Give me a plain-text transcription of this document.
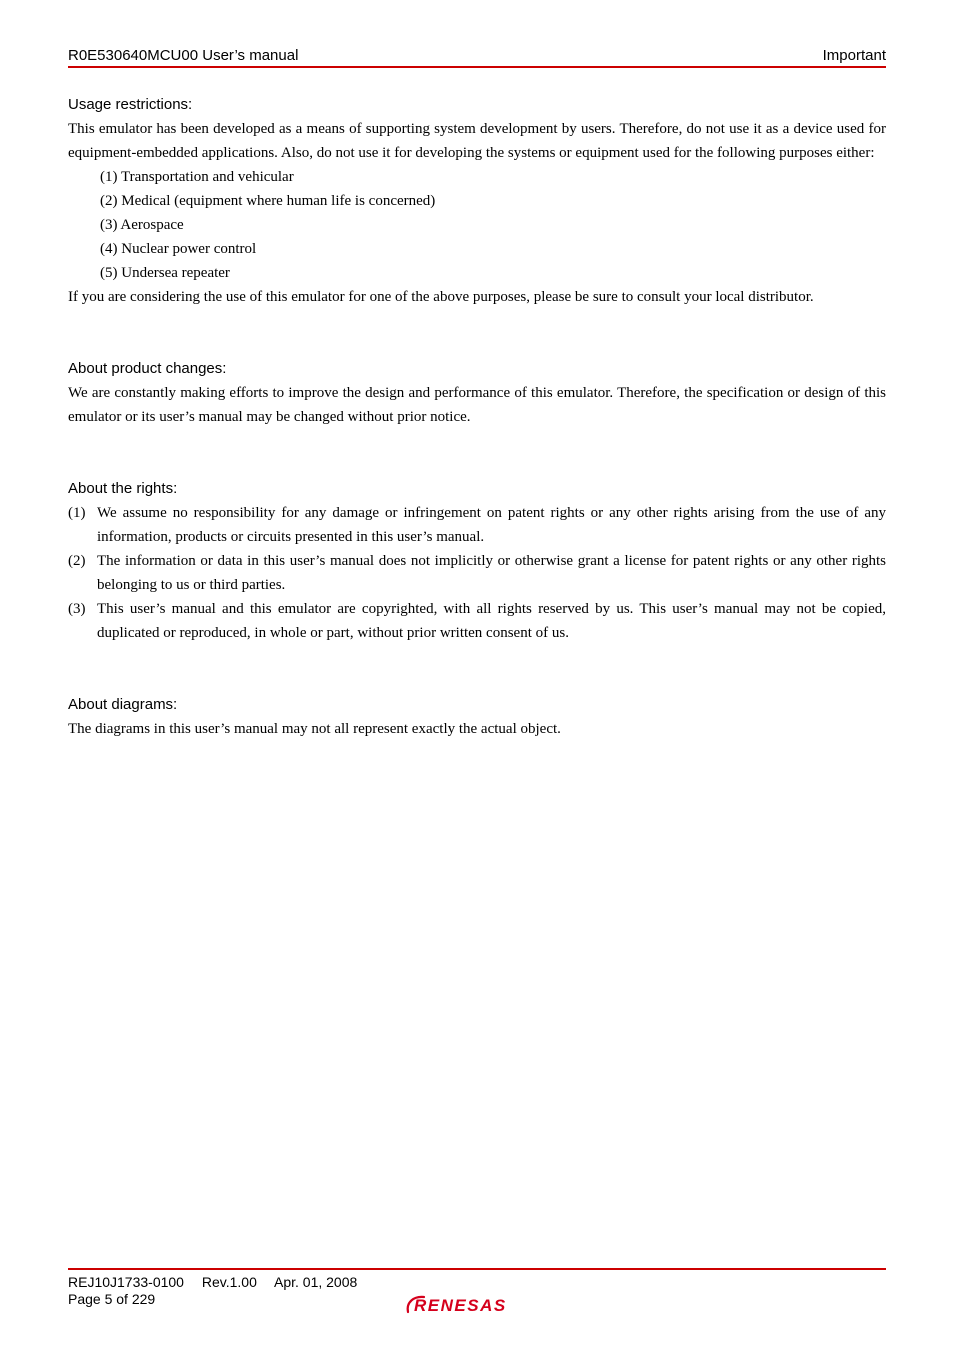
R0E530640MCU00 User’s manual	Important

Usage restrictions:

This emulator has been developed as a means of supporting system development by users. Therefore, do not use it as a device used for equipment-embedded applications. Also, do not use it for developing the systems or equipment used for the following purposes either:

(1) Transportation and vehicular
(2) Medical (equipment where human life is concerned)
(3) Aerospace
(4) Nuclear power control
(5) Undersea repeater

If you are considering the use of this emulator for one of the above purposes, please be sure to consult your local distributor.

About product changes:

We are constantly making efforts to improve the design and performance of this emulator. Therefore, the specification or design of this emulator or its user’s manual may be changed without prior notice.

About the rights:

(1) We assume no responsibility for any damage or infringement on patent rights or any other rights arising from the use of any information, products or circuits presented in this user’s manual.
(2) The information or data in this user’s manual does not implicitly or otherwise grant a license for patent rights or any other rights belonging to us or third parties.
(3) This user’s manual and this emulator are copyrighted, with all rights reserved by us. This user’s manual may not be copied, duplicated or reproduced, in whole or part, without prior written consent of us.

About diagrams:

The diagrams in this user’s manual may not all represent exactly the actual object.

REJ10J1733-0100 Rev.1.00 Apr. 01, 2008
Page 5 of 229	RENESAS
